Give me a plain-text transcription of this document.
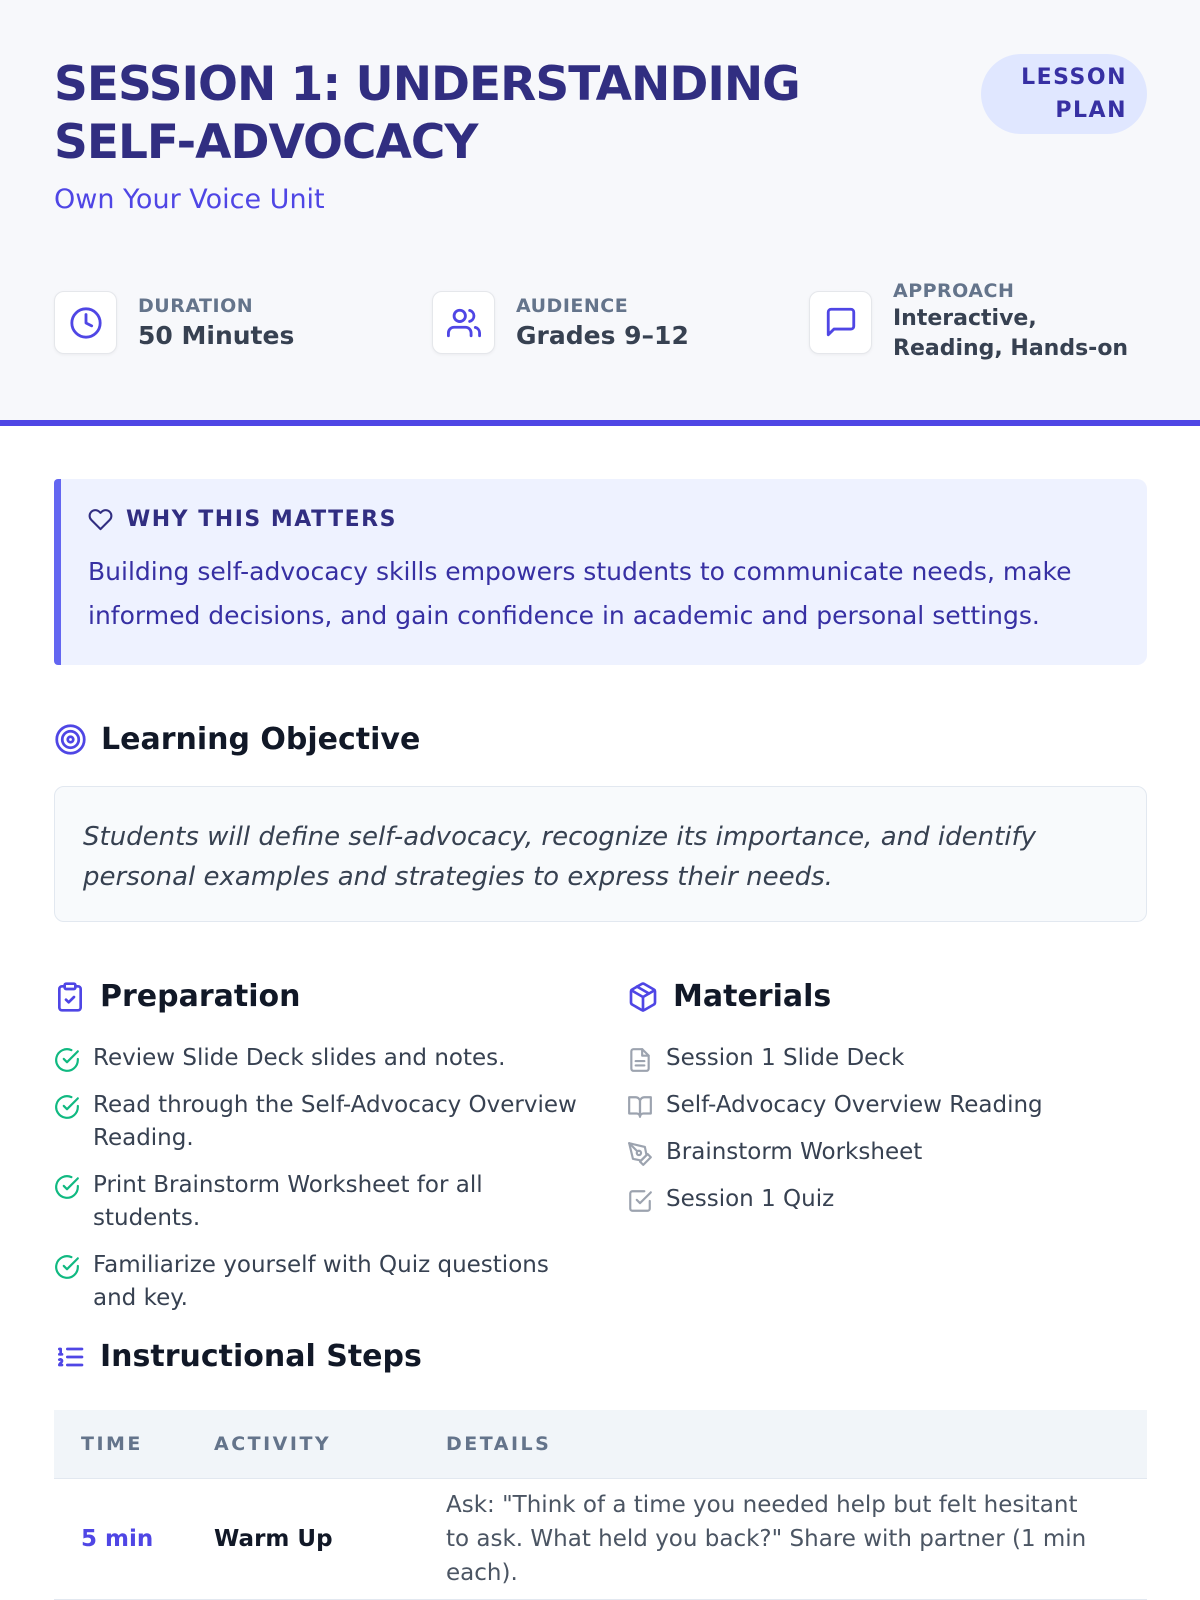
SESSION 1: UNDERSTANDING SELF-ADVOCACY
Own Your Voice Unit
LESSON PLAN
DURATION
50 Minutes
AUDIENCE
Grades 9–12
APPROACH
Interactive, Reading, Hands-on
WHY THIS MATTERS
Building self-advocacy skills empowers students to communicate needs, make informed decisions, and gain confidence in academic and personal settings.
Learning Objective
Students will define self-advocacy, recognize its importance, and identify personal examples and strategies to express their needs.
Preparation
Review Slide Deck slides and notes.
Read through the Self-Advocacy Overview Reading.
Print Brainstorm Worksheet for all students.
Familiarize yourself with Quiz questions and key.
Materials
Session 1 Slide Deck
Self-Advocacy Overview Reading
Brainstorm Worksheet
Session 1 Quiz
Instructional Steps
TIME	ACTIVITY	DETAILS
5 min	Warm Up	Ask: "Think of a time you needed help but felt hesitant to ask. What held you back?" Share with partner (1 min each).
